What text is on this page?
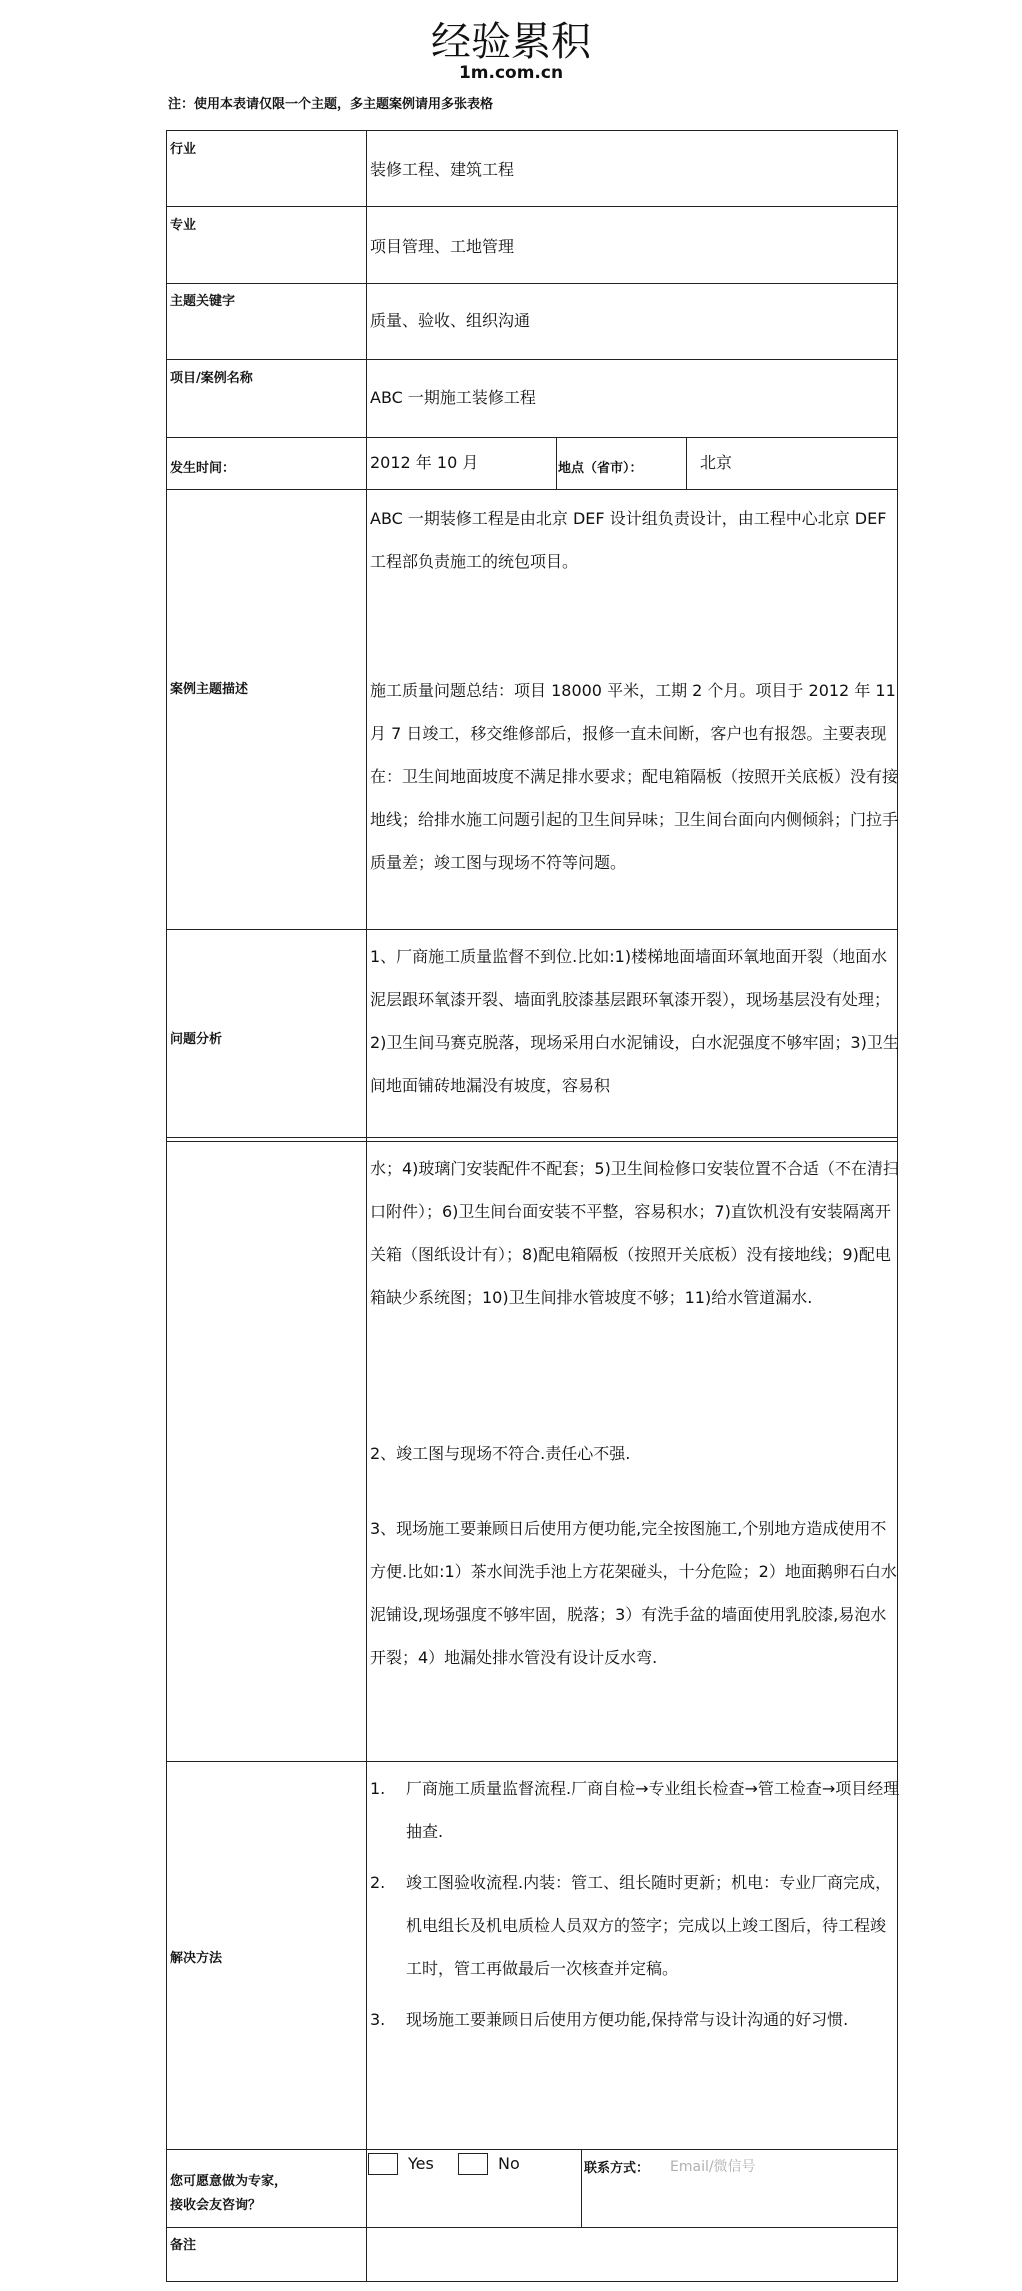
经验累积
1m.com.cn
注：使用本表请仅限一个主题，多主题案例请用多张表格
行业
装修工程、建筑工程
专业
项目管理、工地管理
主题关键字
质量、验收、组织沟通
项目/案例名称
ABC 一期施工装修工程
发生时间：	2012 年 10 月	地点（省市）：	北京
案例主题描述

ABC 一期装修工程是由北京 DEF 设计组负责设计，由工程中心北京 DEF 工程部负责施工的统包项目。

施工质量问题总结：项目 18000 平米，工期 2 个月。项目于 2012 年 11 月 7 日竣工，移交维修部后，报修一直未间断，客户也有报怨。主要表现在：卫生间地面坡度不满足排水要求；配电箱隔板（按照开关底板）没有接地线；给排水施工问题引起的卫生间异味；卫生间台面向内侧倾斜；门拉手质量差；竣工图与现场不符等问题。

问题分析

1、厂商施工质量监督不到位.比如:1)楼梯地面墙面环氧地面开裂（地面水泥层跟环氧漆开裂、墙面乳胶漆基层跟环氧漆开裂），现场基层没有处理；2)卫生间马赛克脱落，现场采用白水泥铺设，白水泥强度不够牢固；3)卫生间地面铺砖地漏没有坡度，容易积

水；4)玻璃门安装配件不配套；5)卫生间检修口安装位置不合适（不在清扫口附件）；6)卫生间台面安装不平整，容易积水；7)直饮机没有安装隔离开关箱（图纸设计有）；8)配电箱隔板（按照开关底板）没有接地线；9)配电箱缺少系统图；10)卫生间排水管坡度不够；11)给水管道漏水.

2、竣工图与现场不符合.责任心不强.

3、现场施工要兼顾日后使用方便功能,完全按图施工,个别地方造成使用不方便.比如:1）茶水间洗手池上方花架碰头，十分危险；2）地面鹅卵石白水泥铺设,现场强度不够牢固，脱落；3）有洗手盆的墙面使用乳胶漆,易泡水开裂；4）地漏处排水管没有设计反水弯.

解决方法
1. 厂商施工质量监督流程.厂商自检→专业组长检查→管工检查→项目经理抽查.
2. 竣工图验收流程.内装：管工、组长随时更新；机电：专业厂商完成，机电组长及机电质检人员双方的签字；完成以上竣工图后，待工程竣工时，管工再做最后一次核查并定稿。
3. 现场施工要兼顾日后使用方便功能,保持常与设计沟通的好习惯.
您可愿意做为专家，
接收会友咨询？
Yes	No	联系方式： Email/微信号
备注
